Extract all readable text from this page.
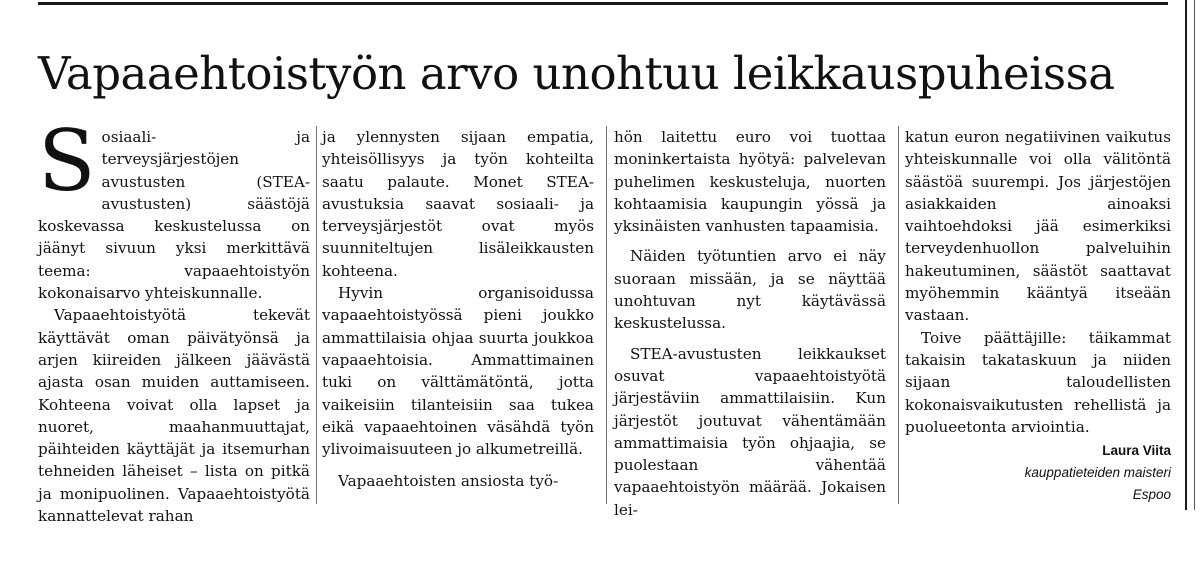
Vapaaehtoistyön arvo unohtuu leikkauspuheissa

Sosiaali- ja terveysjärjestöjen avustusten (STEA-avustusten) säästöjä koskevassa keskustelussa on jäänyt sivuun yksi merkittävä teema: vapaaehtoistyön kokonaisarvo yhteiskunnalle.

Vapaaehtoistyötä tekevät käyttävät oman päivätyönsä ja arjen kiireiden jälkeen jäävästä ajasta osan muiden auttamiseen. Kohteena voivat olla lapset ja nuoret, maahanmuuttajat, päihteiden käyttäjät ja itsemurhan tehneiden läheiset – lista on pitkä ja monipuolinen. Vapaaehtoistyötä kannattelevat rahan

ja ylennysten sijaan empatia, yhteisöllisyys ja työn kohteilta saatu palaute. Monet STEA-avustuksia saavat sosiaali- ja terveysjärjestöt ovat myös suunniteltujen lisäleikkausten kohteena.

Hyvin organisoidussa vapaaehtoistyössä pieni joukko ammattilaisia ohjaa suurta joukkoa vapaaehtoisia. Ammattimainen tuki on välttämätöntä, jotta vaikeisiin tilanteisiin saa tukea eikä vapaaehtoinen väsähdä työn ylivoimaisuuteen jo alkumetreillä.

Vapaaehtoisten ansiosta työ-

hön laitettu euro voi tuottaa moninkertaista hyötyä: palvelevan puhelimen keskusteluja, nuorten kohtaamisia kaupungin yössä ja yksinäisten vanhusten tapaamisia.

Näiden työtuntien arvo ei näy suoraan missään, ja se näyttää unohtuvan nyt käytävässä keskustelussa.

STEA-avustusten leikkaukset osuvat vapaaehtoistyötä järjestäviin ammattilaisiin. Kun järjestöt joutuvat vähentämään ammattimaisia työn ohjaajia, se puolestaan vähentää vapaaehtoistyön määrää. Jokaisen lei-

katun euron negatiivinen vaikutus yhteiskunnalle voi olla välitöntä säästöä suurempi. Jos järjestöjen asiakkaiden ainoaksi vaihtoehdoksi jää esimerkiksi terveydenhuollon palveluihin hakeutuminen, säästöt saattavat myöhemmin kääntyä itseään vastaan.

Toive päättäjille: täikammat takaisin takataskuun ja niiden sijaan taloudellisten kokonaisvaikutusten rehellistä ja puolueetonta arviointia.

Laura Viita
kauppatieteiden maisteri
Espoo
